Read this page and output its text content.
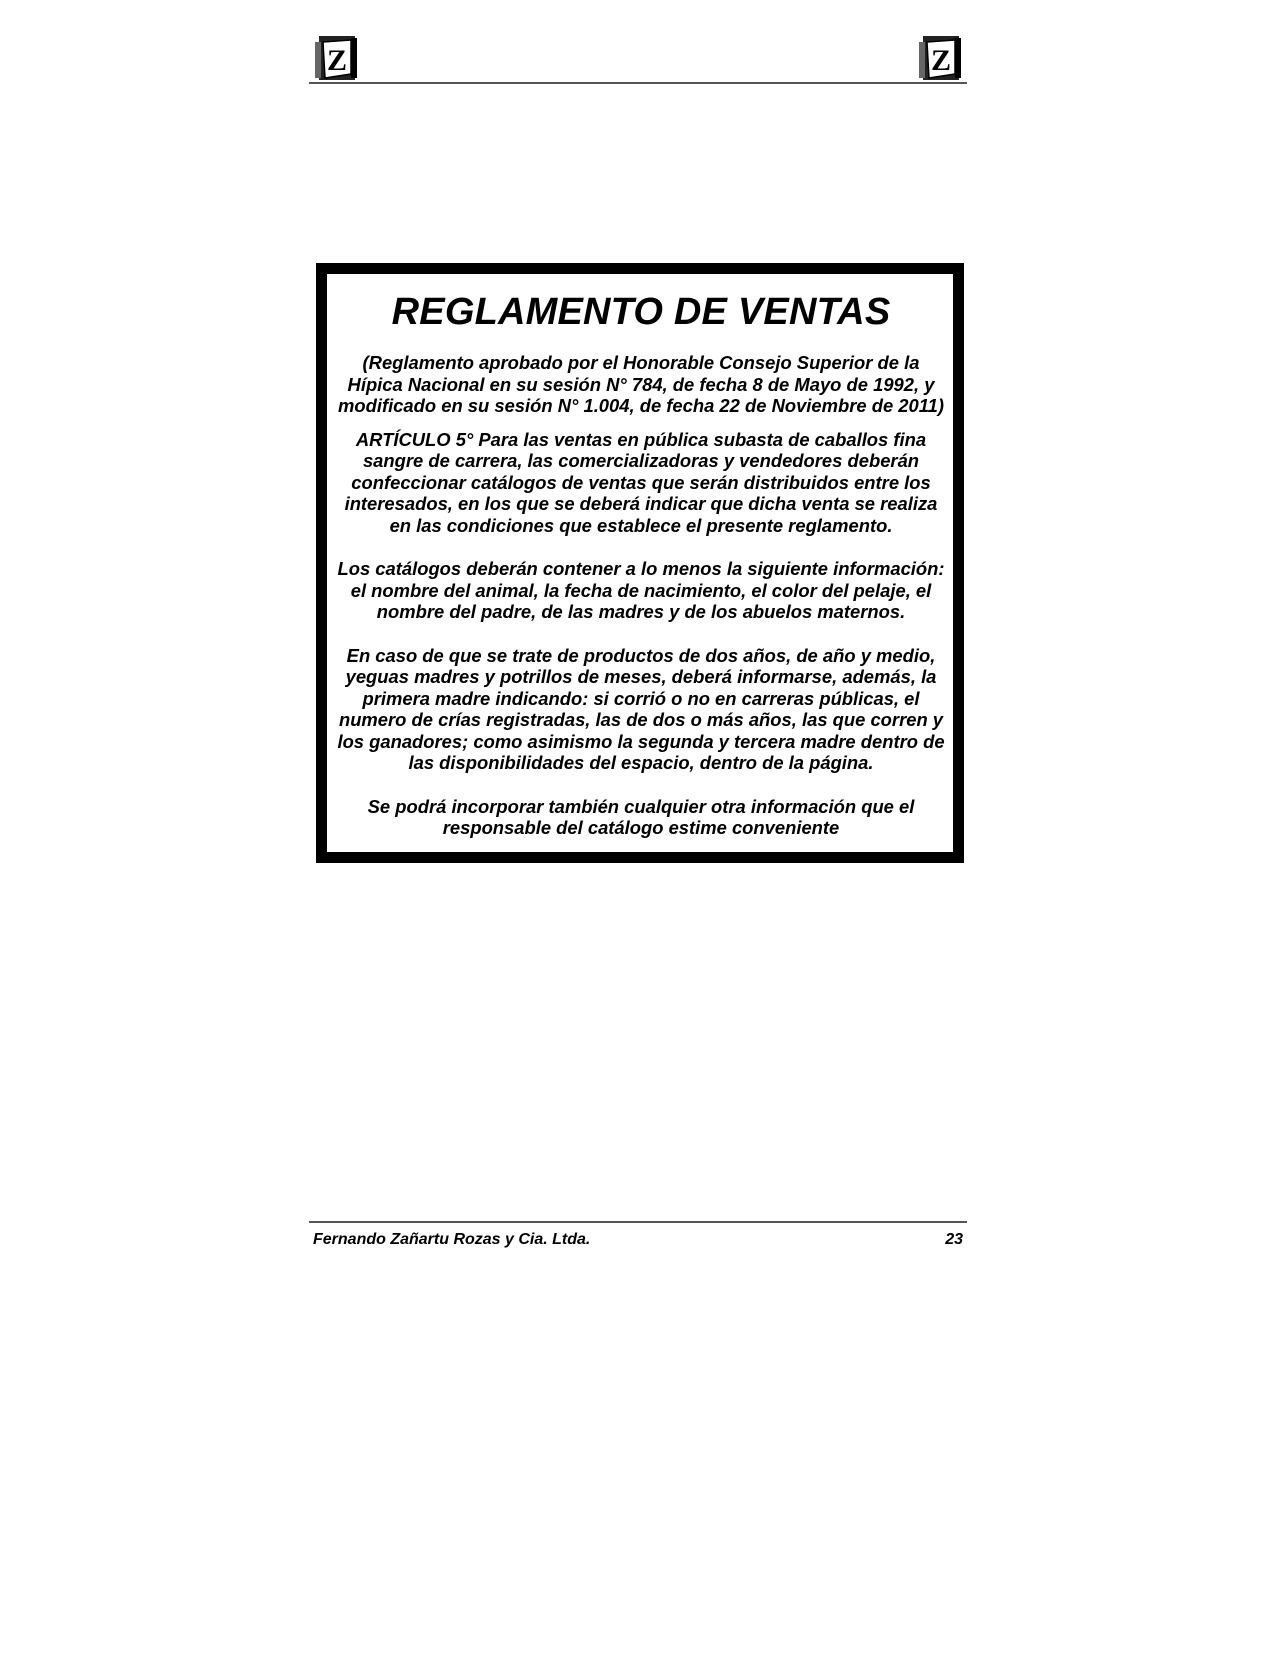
Z	Z
REGLAMENTO DE VENTAS

(Reglamento aprobado por el Honorable Consejo Superior de la Hípica Nacional en su sesión N° 784, de fecha 8 de Mayo de 1992, y modificado en su sesión N° 1.004, de fecha 22 de Noviembre de 2011)

ARTÍCULO 5° Para las ventas en pública subasta de caballos fina sangre de carrera, las comercializadoras y vendedores deberán confeccionar catálogos de ventas que serán distribuidos entre los interesados, en los que se deberá indicar que dicha venta se realiza en las condiciones que establece el presente reglamento.

Los catálogos deberán contener a lo menos la siguiente información: el nombre del animal, la fecha de nacimiento, el color del pelaje, el nombre del padre, de las madres y de los abuelos maternos.

En caso de que se trate de productos de dos años, de año y medio, yeguas madres y potrillos de meses, deberá informarse, además, la primera madre indicando: si corrió o no en carreras públicas, el numero de crías registradas, las de dos o más años, las que corren y los ganadores; como asimismo la segunda y tercera madre dentro de las disponibilidades del espacio, dentro de la página.

Se podrá incorporar también cualquier otra información que el responsable del catálogo estime conveniente

Fernando Zañartu Rozas y Cia. Ltda.	23
